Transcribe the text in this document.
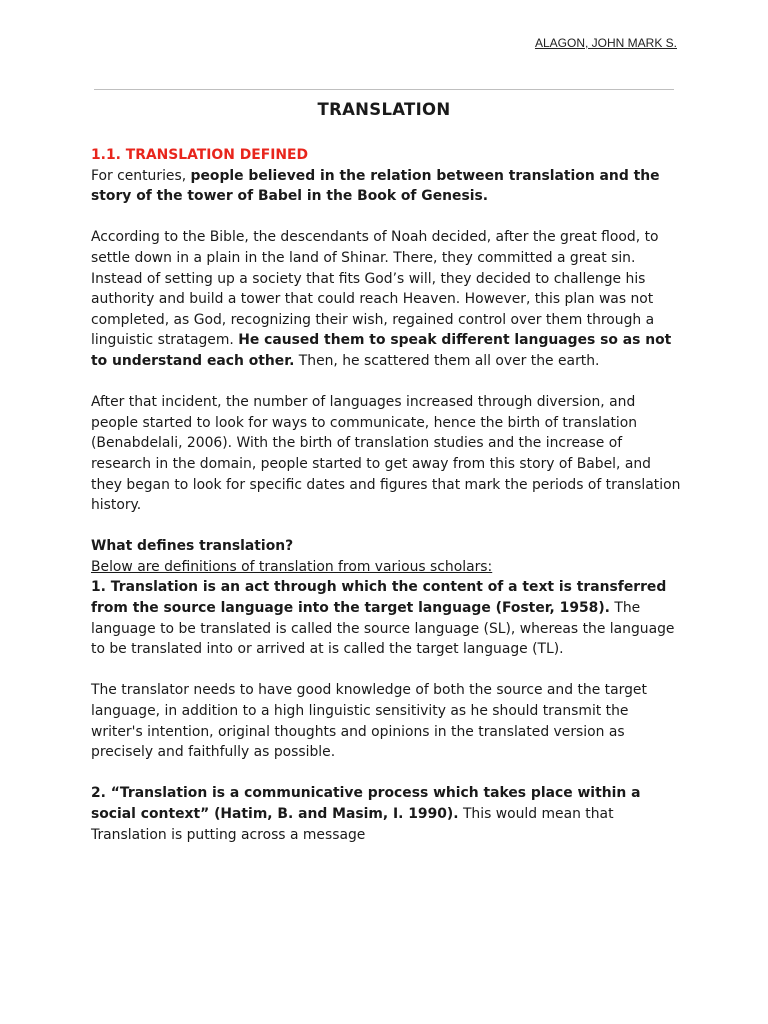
ALAGON, JOHN MARK S.
TRANSLATION

1.1. TRANSLATION DEFINED

For centuries, people believed in the relation between translation and the story of the tower of Babel in the Book of Genesis.

According to the Bible, the descendants of Noah decided, after the great flood, to settle down in a plain in the land of Shinar. There, they committed a great sin. Instead of setting up a society that fits God’s will, they decided to challenge his authority and build a tower that could reach Heaven. However, this plan was not completed, as God, recognizing their wish, regained control over them through a linguistic stratagem. He caused them to speak different languages so as not to understand each other. Then, he scattered them all over the earth.

After that incident, the number of languages increased through diversion, and people started to look for ways to communicate, hence the birth of translation (Benabdelali, 2006). With the birth of translation studies and the increase of research in the domain, people started to get away from this story of Babel, and they began to look for specific dates and figures that mark the periods of translation history.

What defines translation?

Below are definitions of translation from various scholars:

1. Translation is an act through which the content of a text is transferred from the source language into the target language (Foster, 1958). The language to be translated is called the source language (SL), whereas the language to be translated into or arrived at is called the target language (TL).

The translator needs to have good knowledge of both the source and the target language, in addition to a high linguistic sensitivity as he should transmit the writer's intention, original thoughts and opinions in the translated version as precisely and faithfully as possible.

2. “Translation is a communicative process which takes place within a social context” (Hatim, B. and Masim, I. 1990). This would mean that Translation is putting across a message
